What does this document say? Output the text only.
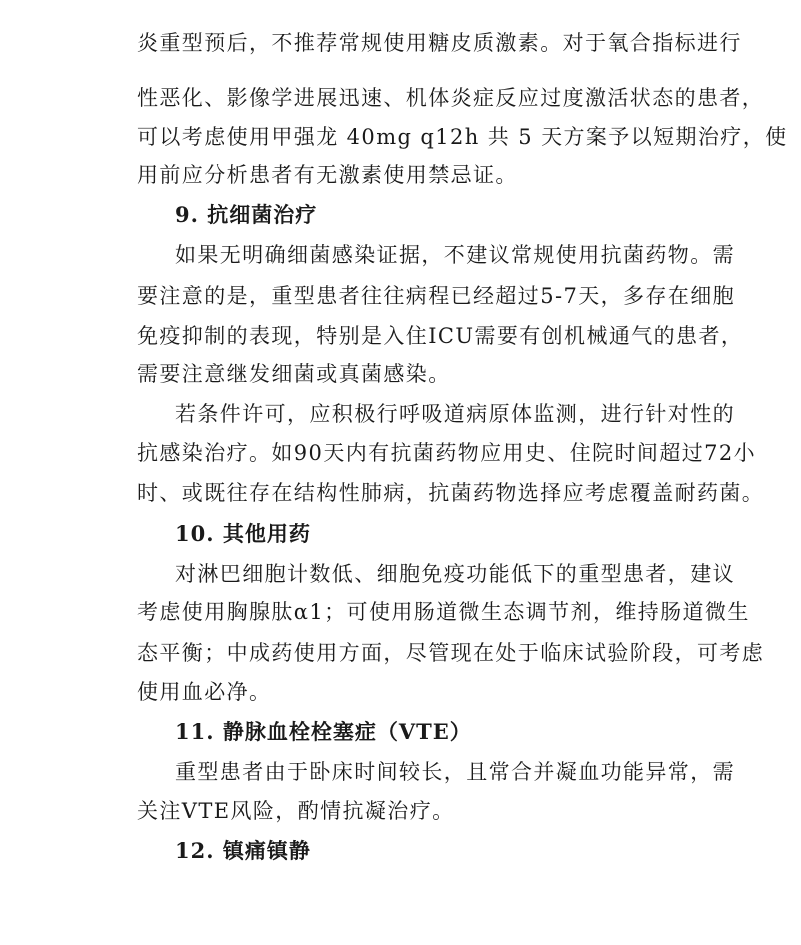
炎重型预后，不推荐常规使用糖皮质激素。对于氧合指标进行
性恶化、影像学进展迅速、机体炎症反应过度激活状态的患者，
可以考虑使用甲强龙 40mg q12h 共 5 天方案予以短期治疗，使
用前应分析患者有无激素使用禁忌证。
9. 抗细菌治疗
如果无明确细菌感染证据，不建议常规使用抗菌药物。需
要注意的是，重型患者往往病程已经超过5-7天，多存在细胞
免疫抑制的表现，特别是入住ICU需要有创机械通气的患者，
需要注意继发细菌或真菌感染。
若条件许可，应积极行呼吸道病原体监测，进行针对性的
抗感染治疗。如90天内有抗菌药物应用史、住院时间超过72小
时、或既往存在结构性肺病，抗菌药物选择应考虑覆盖耐药菌。
10. 其他用药
对淋巴细胞计数低、细胞免疫功能低下的重型患者，建议
考虑使用胸腺肽α1；可使用肠道微生态调节剂，维持肠道微生
态平衡；中成药使用方面，尽管现在处于临床试验阶段，可考虑
使用血必净。
11. 静脉血栓栓塞症（VTE）
重型患者由于卧床时间较长，且常合并凝血功能异常，需
关注VTE风险，酌情抗凝治疗。
12. 镇痛镇静
